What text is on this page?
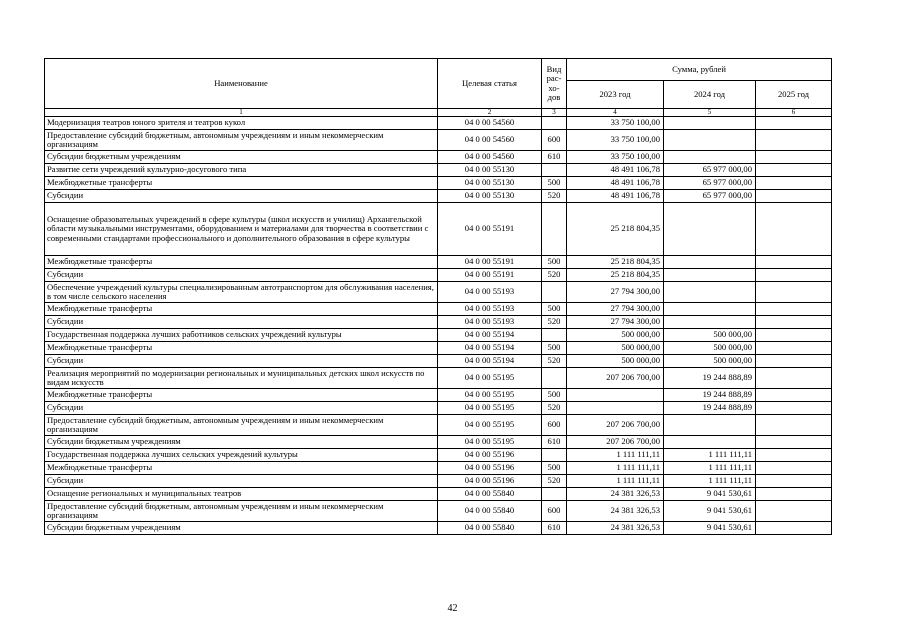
Наименование	Целевая статья	Вид
рас-
хо-
дов	Сумма, рублей		
			2023 год	2024 год	2025 год
1	2	3	4	5	6
Модернизация театров юного зрителя и театров кукол	04 0 00 54560		33 750 100,00		
Предоставление субсидий бюджетным, автономным учреждениям и иным некоммерческим организациям	04 0 00 54560	600	33 750 100,00		
Субсидии бюджетным учреждениям	04 0 00 54560	610	33 750 100,00		
Развитие сети учреждений культурно-досугового типа	04 0 00 55130		48 491 106,78	65 977 000,00	
Межбюджетные трансферты	04 0 00 55130	500	48 491 106,78	65 977 000,00	
Субсидии	04 0 00 55130	520	48 491 106,78	65 977 000,00	
Оснащение образовательных учреждений в сфере культуры (школ искусств и училищ) Архангельской области музыкальными инструментами, оборудованием и материалами для творчества в соответствии с современными стандартами профессионального и дополнительного образования в сфере культуры	04 0 00 55191		25 218 804,35		
Межбюджетные трансферты	04 0 00 55191	500	25 218 804,35		
Субсидии	04 0 00 55191	520	25 218 804,35		
Обеспечение учреждений культуры специализированным автотранспортом для обслуживания населения, в том числе сельского населения	04 0 00 55193		27 794 300,00		
Межбюджетные трансферты	04 0 00 55193	500	27 794 300,00		
Субсидии	04 0 00 55193	520	27 794 300,00		
Государственная поддержка лучших работников сельских учреждений культуры	04 0 00 55194		500 000,00	500 000,00	
Межбюджетные трансферты	04 0 00 55194	500	500 000,00	500 000,00	
Субсидии	04 0 00 55194	520	500 000,00	500 000,00	
Реализация мероприятий по модернизации региональных и муниципальных детских школ искусств по видам искусств	04 0 00 55195		207 206 700,00	19 244 888,89	
Межбюджетные трансферты	04 0 00 55195	500		19 244 888,89	
Субсидии	04 0 00 55195	520		19 244 888,89	
Предоставление субсидий бюджетным, автономным учреждениям и иным некоммерческим организациям	04 0 00 55195	600	207 206 700,00		
Субсидии бюджетным учреждениям	04 0 00 55195	610	207 206 700,00		
Государственная поддержка лучших сельских учреждений культуры	04 0 00 55196		1 111 111,11	1 111 111,11	
Межбюджетные трансферты	04 0 00 55196	500	1 111 111,11	1 111 111,11	
Субсидии	04 0 00 55196	520	1 111 111,11	1 111 111,11	
Оснащение региональных и муниципальных театров	04 0 00 55840		24 381 326,53	9 041 530,61	
Предоставление субсидий бюджетным, автономным учреждениям и иным некоммерческим организациям	04 0 00 55840	600	24 381 326,53	9 041 530,61	
Субсидии бюджетным учреждениям	04 0 00 55840	610	24 381 326,53	9 041 530,61	
42
